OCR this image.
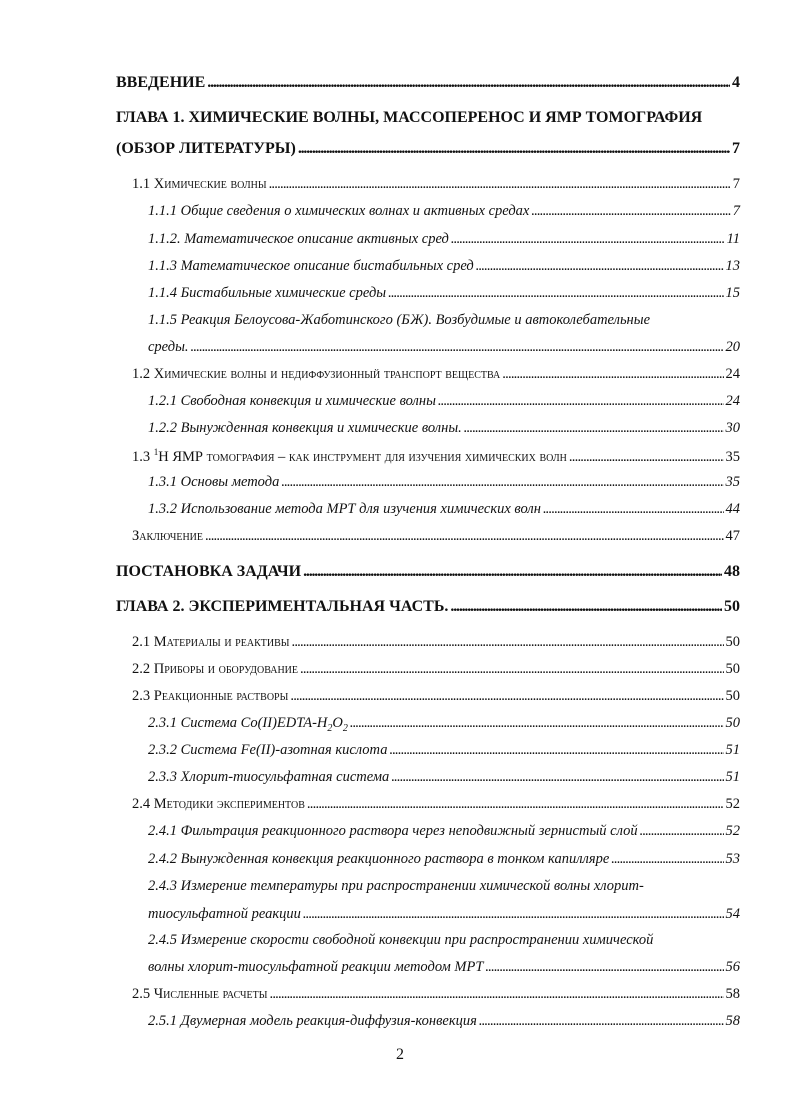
ВВЕДЕНИЕ . . .	4
ГЛАВА 1. ХИМИЧЕСКИЕ ВОЛНЫ, МАССОПЕРЕНОС И ЯМР ТОМОГРАФИЯ
(ОБЗОР ЛИТЕРАТУРЫ) . . .	7
1.1 Химические волны . . .	7
1.1.1 Общие сведения о химических волнах и активных средах . . .	7
1.1.2. Математическое описание активных сред . . .	11
1.1.3 Математическое описание бистабильных сред . . .	13
1.1.4 Бистабильные химические среды . . .	15
1.1.5 Реакция Белоусова-Жаботинского (БЖ). Возбудимые и автоколебательные
среды. . . .	20
1.2 Химические волны и недиффузионный транспорт вещества . . .	24
1.2.1 Свободная конвекция и химические волны . . .	24
1.2.2 Вынужденная конвекция и химические волны. . . .	30
1.3 $^1$Н ЯМР томография – как инструмент для изучения химических волн . . .	35
1.3.1 Основы метода . . .	35
1.3.2 Использование метода МРТ для изучения химических волн . . .	44
Заключение . . .	47
ПОСТАНОВКА ЗАДАЧИ . . .	48
ГЛАВА 2. ЭКСПЕРИМЕНТАЛЬНАЯ ЧАСТЬ. . . .	50
2.1 Материалы и реактивы . . .	50
2.2 Приборы и оборудование . . .	50
2.3 Реакционные растворы . . .	50
2.3.1 Система $Co(II)EDTA-H_2O_2$ . . .	50
2.3.2 Система Fe(II)-азотная кислота . . .	51
2.3.3 Хлорит-тиосульфатная система . . .	51
2.4 Методики экспериментов . . .	52
2.4.1 Фильтрация реакционного раствора через неподвижный зернистый слой . . .	52
2.4.2 Вынужденная конвекция реакционного раствора в тонком капилляре . . .	53
2.4.3 Измерение температуры при распространении химической волны хлорит-
тиосульфатной реакции . . .	54
2.4.5 Измерение скорости свободной конвекции при распространении химической
волны хлорит-тиосульфатной реакции методом МРТ . . .	56
2.5 Численные расчеты . . .	58
2.5.1 Двумерная модель реакция-диффузия-конвекция . . .	58
2
